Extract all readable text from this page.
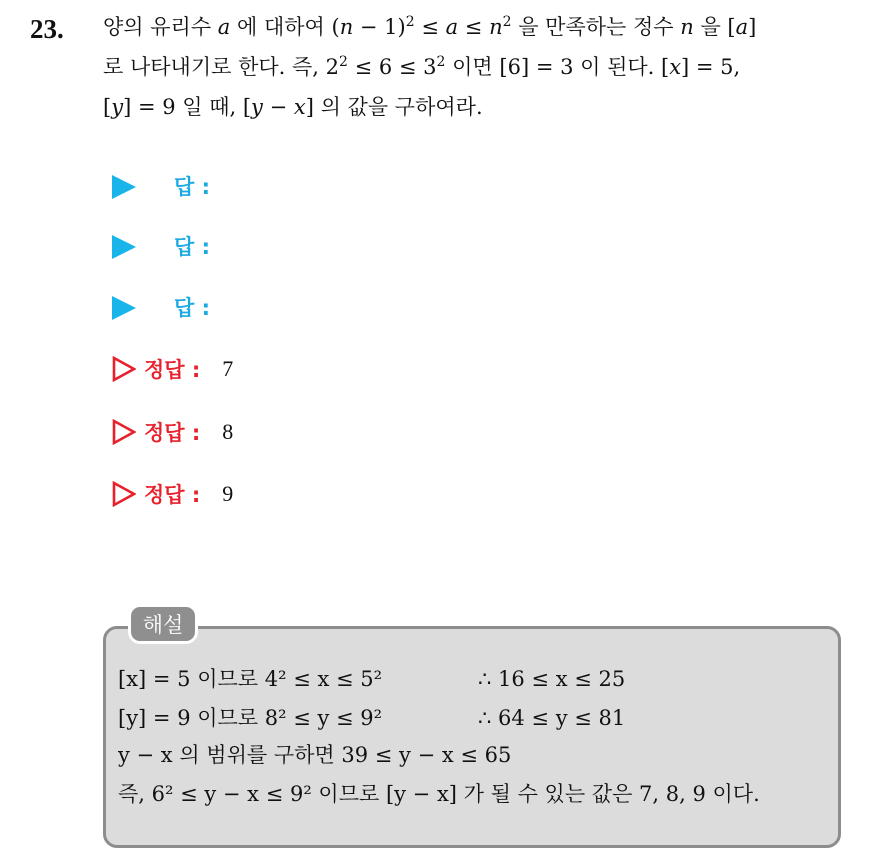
23. 양의 유리수 a 에 대하여 $(n - 1)^2 \le a \le n^2$ 을 만족하는 정수 n 을 [a]
로 나타내기로 한다. 즉, $2^2 \le 6 \le 3^2$ 이면 [6] = 3 이 된다. [x] = 5,
[y] = 9 일 때, [y − x] 의 값을 구하여라.
답 :
답 :
답 :
정답 : 7
정답 : 8
정답 : 9
해설
[x] = 5 이므로 4² ≤ x ≤ 5²	∴ 16 ≤ x ≤ 25
[y] = 9 이므로 8² ≤ y ≤ 9²	∴ 64 ≤ y ≤ 81
y − x 의 범위를 구하면 39 ≤ y − x ≤ 65
즉, 6² ≤ y − x ≤ 9² 이므로 [y − x] 가 될 수 있는 값은 7, 8, 9 이다.
